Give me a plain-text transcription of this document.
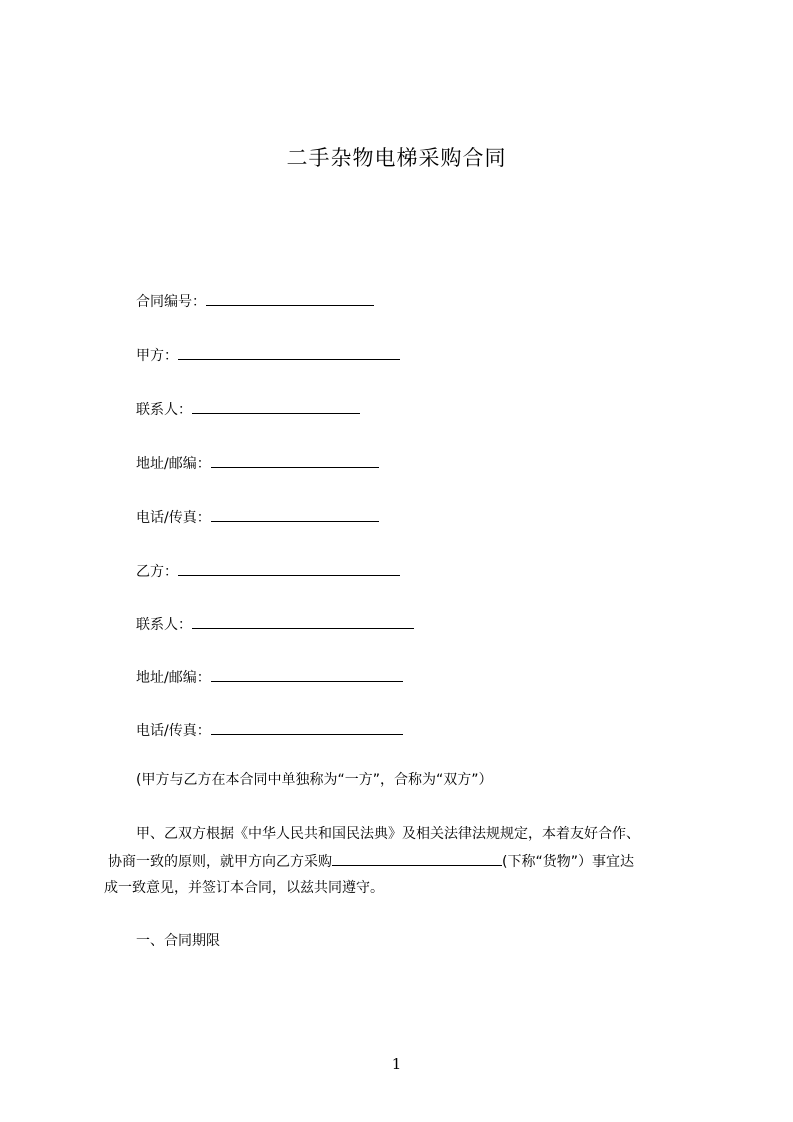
二手杂物电梯采购合同
合同编号：
甲方：
联系人：
地址/邮编：
电话/传真：
乙方：
联系人：
地址/邮编：
电话/传真：
(甲方与乙方在本合同中单独称为“一方”，合称为“双方”）
甲、乙双方根据《中华人民共和国民法典》及相关法律法规规定，本着友好合作、
协商一致的原则，就甲方向乙方采购	(下称“货物”）事宜达
成一致意见，并签订本合同，以兹共同遵守。
一、合同期限
1
